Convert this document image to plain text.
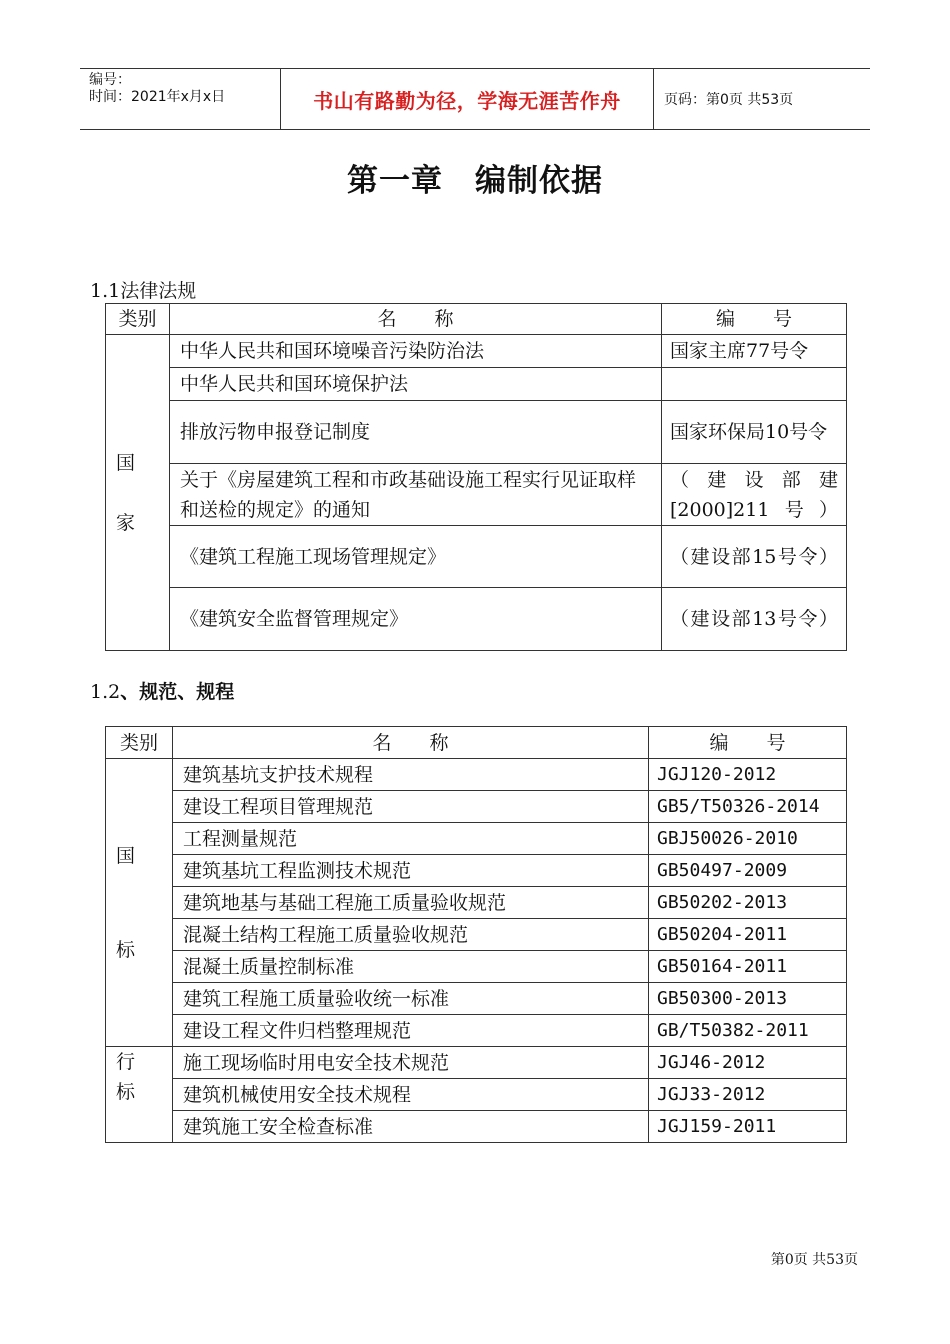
编号：
时间：2021年x月x日	书山有路勤为径，学海无涯苦作舟	页码：第0页 共53页
第一章　编制依据
1.1法律法规
类别	名　　称	编　　号

国
家	中华人民共和国环境噪音污染防治法	国家主席77号令
	中华人民共和国环境保护法	
	排放污物申报登记制度	国家环保局10号令
	关于《房屋建筑工程和市政基础设施工程实行见证取样和送检的规定》的通知	（建设部建[2000]211号）
	《建筑工程施工现场管理规定》	（建设部15号令）
	《建筑安全监督管理规定》	（建设部13号令）
1.2、规范、规程
类别	名　　称	编　　号

国
标	建筑基坑支护技术规程	JGJ120-2012
	建设工程项目管理规范	GB5/T50326-2014
	工程测量规范	GBJ50026-2010
	建筑基坑工程监测技术规范	GB50497-2009
	建筑地基与基础工程施工质量验收规范	GB50202-2013
	混凝土结构工程施工质量验收规范	GB50204-2011
	混凝土质量控制标准	GB50164-2011
	建筑工程施工质量验收统一标准	GB50300-2013
	建设工程文件归档整理规范	GB/T50382-2011

行
标	施工现场临时用电安全技术规范	JGJ46-2012
	建筑机械使用安全技术规程	JGJ33-2012
	建筑施工安全检查标准	JGJ159-2011
第0页 共53页
